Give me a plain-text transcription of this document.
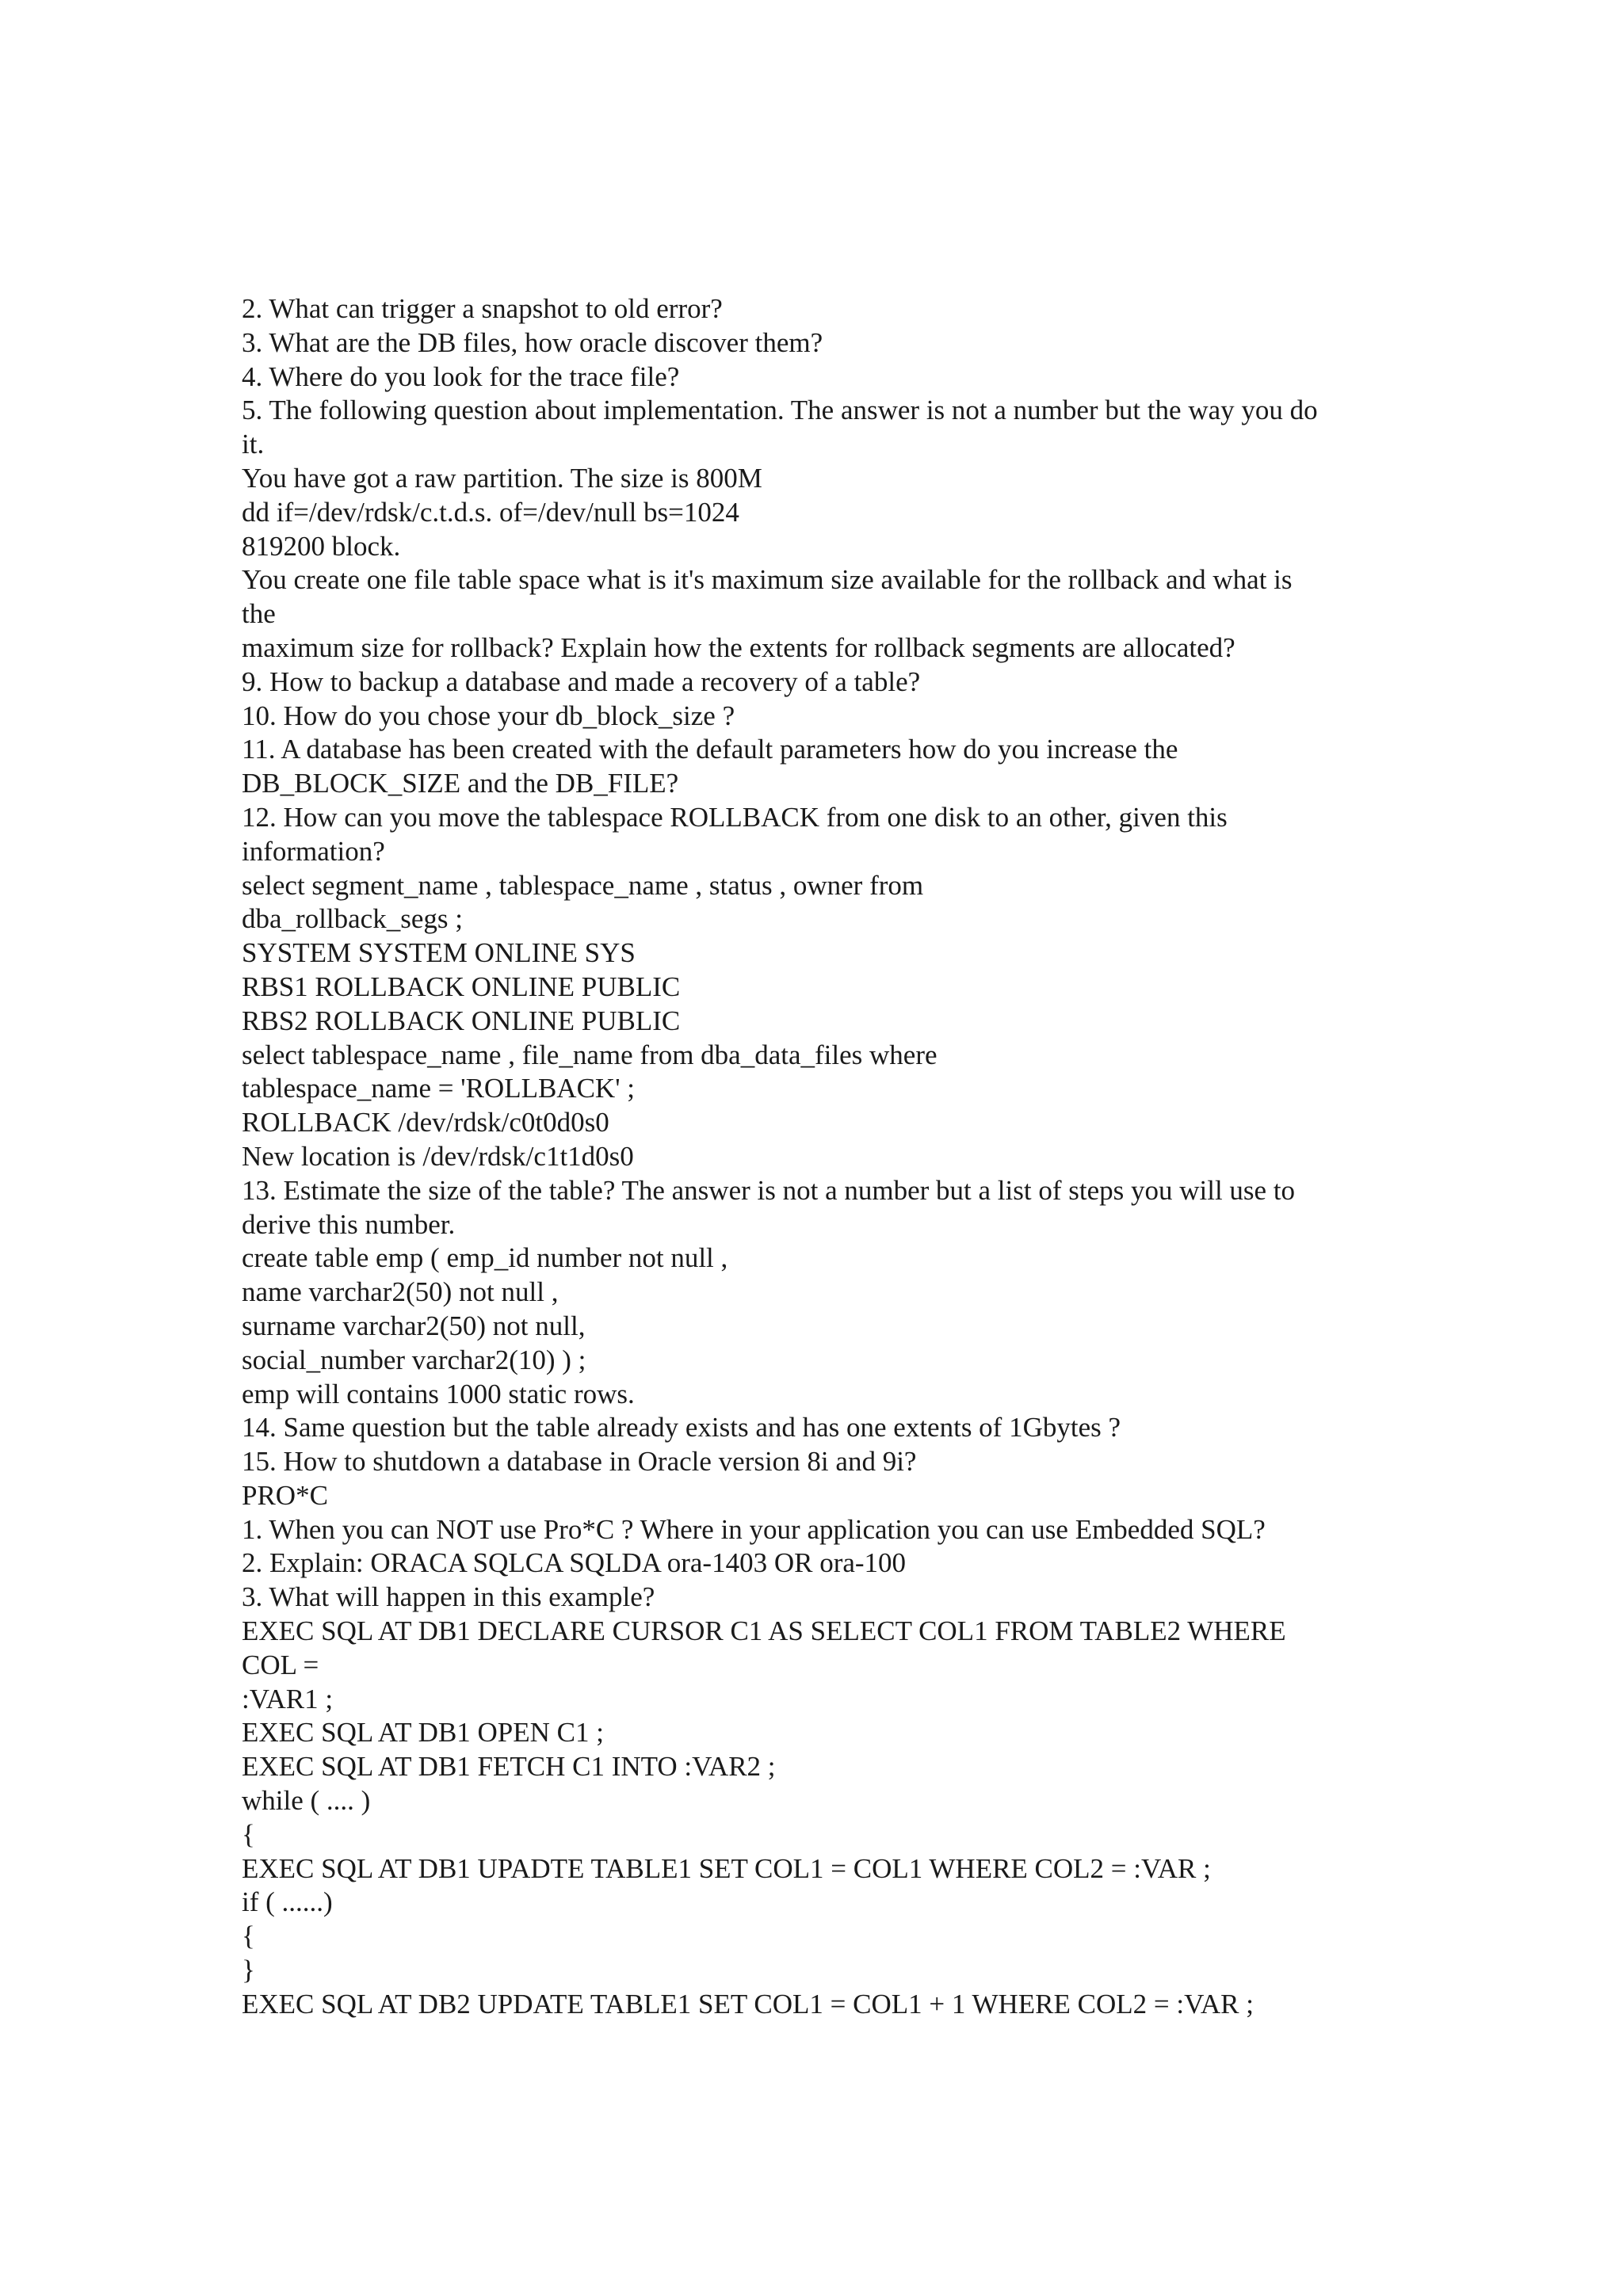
2. What can trigger a snapshot to old error?
3. What are the DB files, how oracle discover them?
4. Where do you look for the trace file?
5. The following question about implementation. The answer is not a number but the way you do
it.
You have got a raw partition. The size is 800M
dd if=/dev/rdsk/c.t.d.s. of=/dev/null bs=1024
819200 block.
You create one file table space what is it's maximum size available for the rollback and what is
the
maximum size for rollback? Explain how the extents for rollback segments are allocated?
9. How to backup a database and made a recovery of a table?
10. How do you chose your db_block_size ?
11. A database has been created with the default parameters how do you increase the
DB_BLOCK_SIZE and the DB_FILE?
12. How can you move the tablespace ROLLBACK from one disk to an other, given this
information?
select segment_name , tablespace_name , status , owner from
dba_rollback_segs ;
SYSTEM SYSTEM ONLINE SYS
RBS1 ROLLBACK ONLINE PUBLIC
RBS2 ROLLBACK ONLINE PUBLIC
select tablespace_name , file_name from dba_data_files where
tablespace_name = 'ROLLBACK' ;
ROLLBACK /dev/rdsk/c0t0d0s0
New location is /dev/rdsk/c1t1d0s0
13. Estimate the size of the table? The answer is not a number but a list of steps you will use to
derive this number.
create table emp ( emp_id number not null ,
name varchar2(50) not null ,
surname varchar2(50) not null,
social_number varchar2(10) ) ;
emp will contains 1000 static rows.
14. Same question but the table already exists and has one extents of 1Gbytes ?
15. How to shutdown a database in Oracle version 8i and 9i?
PRO*C
1. When you can NOT use Pro*C ? Where in your application you can use Embedded SQL?
2. Explain: ORACA SQLCA SQLDA ora-1403 OR ora-100
3. What will happen in this example?
EXEC SQL AT DB1 DECLARE CURSOR C1 AS SELECT COL1 FROM TABLE2 WHERE
COL =
:VAR1 ;
EXEC SQL AT DB1 OPEN C1 ;
EXEC SQL AT DB1 FETCH C1 INTO :VAR2 ;
while ( .... )
{
EXEC SQL AT DB1 UPADTE TABLE1 SET COL1 = COL1 WHERE COL2 = :VAR ;
if ( ......)
{
}
EXEC SQL AT DB2 UPDATE TABLE1 SET COL1 = COL1 + 1 WHERE COL2 = :VAR ;
